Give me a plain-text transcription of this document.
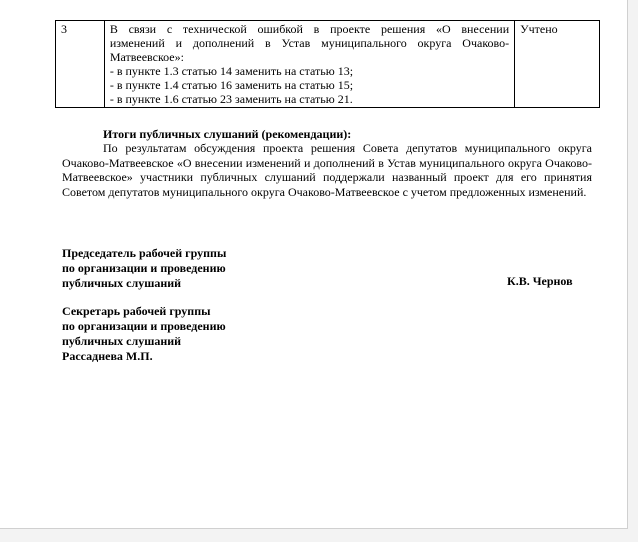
3	В связи с технической ошибкой в проекте решения «О внесении
изменений и дополнений в Устав муниципального округа Очаково-
Матвеевское»:
- в пункте 1.3 статью 14 заменить на статью 13;
- в пункте 1.4 статью 16 заменить на статью 15;
- в пункте 1.6 статью 23 заменить на статью 21.
	Учтено
Итоги публичных слушаний (рекомендации):

По результатам обсуждения проекта решения Совета депутатов муниципального округа Очаково-Матвеевское «О внесении изменений и дополнений в Устав муниципального округа Очаково-Матвеевское» участники публичных слушаний поддержали названный проект для его принятия Советом депутатов муниципального округа Очаково-Матвеевское с учетом предложенных изменений.

Председатель рабочей группы
по организации и проведению
публичных слушаний	К.В. Чернов

Секретарь рабочей группы
по организации и проведению
публичных слушаний
Рассаднева М.П.
